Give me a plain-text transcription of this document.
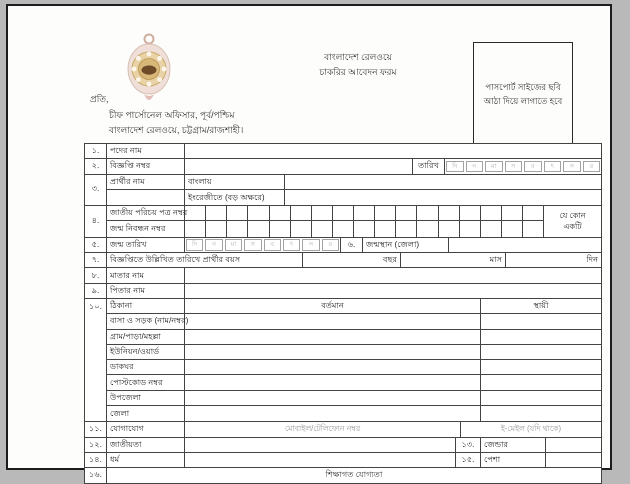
বাংলাদেশ রেলওয়ে
চাকরির আবেদন ফরম
পাসপোর্ট সাইজের ছবি
আঠা দিয়ে লাগাতে হবে
প্রতি,
চীফ পার্সোনেল অফিসার, পূর্ব/পশ্চিম
বাংলাদেশ রেলওয়ে, চট্টগ্রাম/রাজশাহী।
১.	পদের নাম
২.	বিজ্ঞপ্তি নম্বর	তারিখ	দি	ন	মা	স	ব	ৎ	স	র
৩.
প্রার্থীর নাম	বাংলায়
ইংরেজীতে (বড় অক্ষরে)
৪.
জাতীয় পরিচয় পত্র নম্বর
জন্ম নিবন্ধন নম্বর
যে কোন
একটি
৫.	জন্ম তারিখ	দি	ন	মা	স	ব	ৎ	স	র	৬.	জন্মস্থান (জেলা)
৭.	বিজ্ঞপ্তিতে উল্লিখিত তারিখে প্রার্থীর বয়স	বছর	মাস	দিন
৮.	মাতার নাম
৯.	পিতার নাম
১০. ঠিকানা	বর্তমান	স্থায়ী
বাসা ও সড়ক (নাম/নম্বর)
গ্রাম/পাড়া/মহল্লা
ইউনিয়ন/ওয়ার্ড
ডাকঘর
পোস্টকোড নম্বর
উপজেলা
জেলা
১১. যোগাযোগ	মোবাইল/টেলিফোন নম্বর	ই-মেইল (যদি থাকে)
১২. জাতীয়তা	১৩.	জেন্ডার
১৪. ধর্ম	১৫.	পেশা
১৬.	শিক্ষাগত যোগ্যতা
